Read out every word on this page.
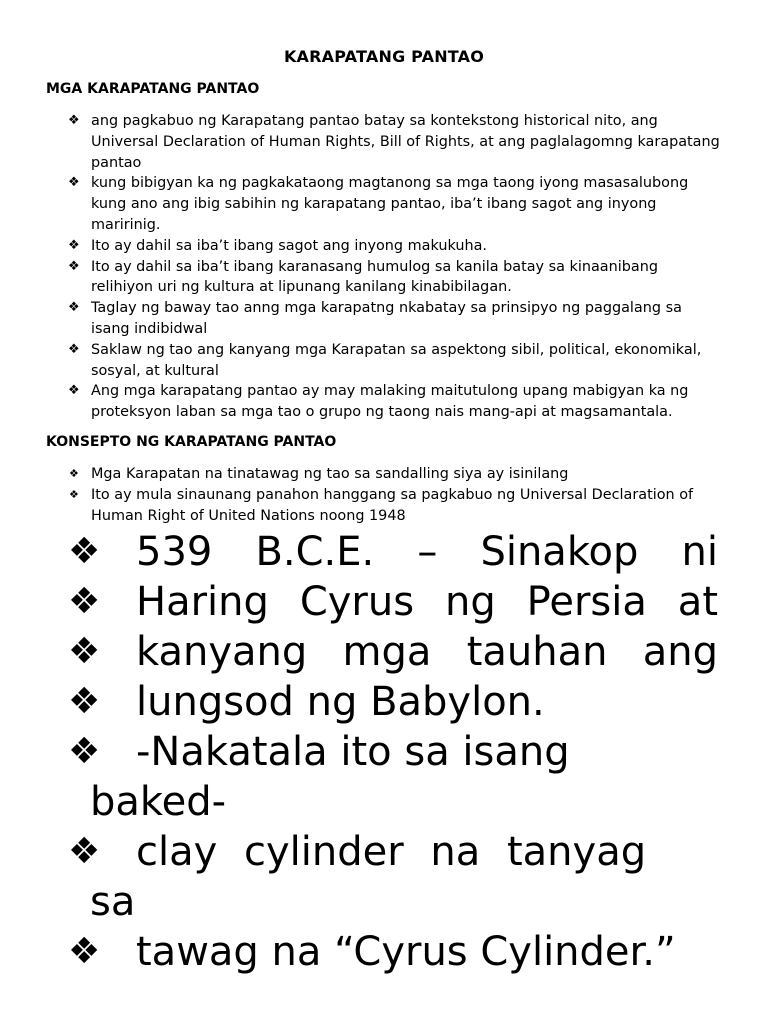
KARAPATANG PANTAO
MGA KARAPATANG PANTAO
❖ ang pagkabuo ng Karapatang pantao batay sa kontekstong historical nito, ang Universal Declaration of Human Rights, Bill of Rights, at ang paglalagomng karapatang pantao
❖ kung bibigyan ka ng pagkakataong magtanong sa mga taong iyong masasalubong kung ano ang ibig sabihin ng karapatang pantao, iba’t ibang sagot ang inyong maririnig.
❖ Ito ay dahil sa iba’t ibang sagot ang inyong makukuha.
❖ Ito ay dahil sa iba’t ibang karanasang humulog sa kanila batay sa kinaanibang relihiyon uri ng kultura at lipunang kanilang kinabibilagan.
❖ Taglay ng baway tao anng mga karapatng nkabatay sa prinsipyo ng paggalang sa isang indibidwal
❖ Saklaw ng tao ang kanyang mga Karapatan sa aspektong sibil, political, ekonomikal, sosyal, at kultural
❖ Ang mga karapatang pantao ay may malaking maitutulong upang mabigyan ka ng proteksyon laban sa mga tao o grupo ng taong nais mang-api at magsamantala.
KONSEPTO NG KARAPATANG PANTAO
❖ Mga Karapatan na tinatawag ng tao sa sandalling siya ay isinilang
❖ Ito ay mula sinaunang panahon hanggang sa pagkabuo ng Universal Declaration of Human Right of United Nations noong 1948
❖ 539 B.C.E. – Sinakop ni
❖ Haring Cyrus ng Persia at
❖ kanyang mga tauhan ang
❖ lungsod ng Babylon.
❖ -Nakatala ito sa isang
baked-
❖ clay cylinder na tanyag
sa
❖ tawag na “Cyrus Cylinder.”
